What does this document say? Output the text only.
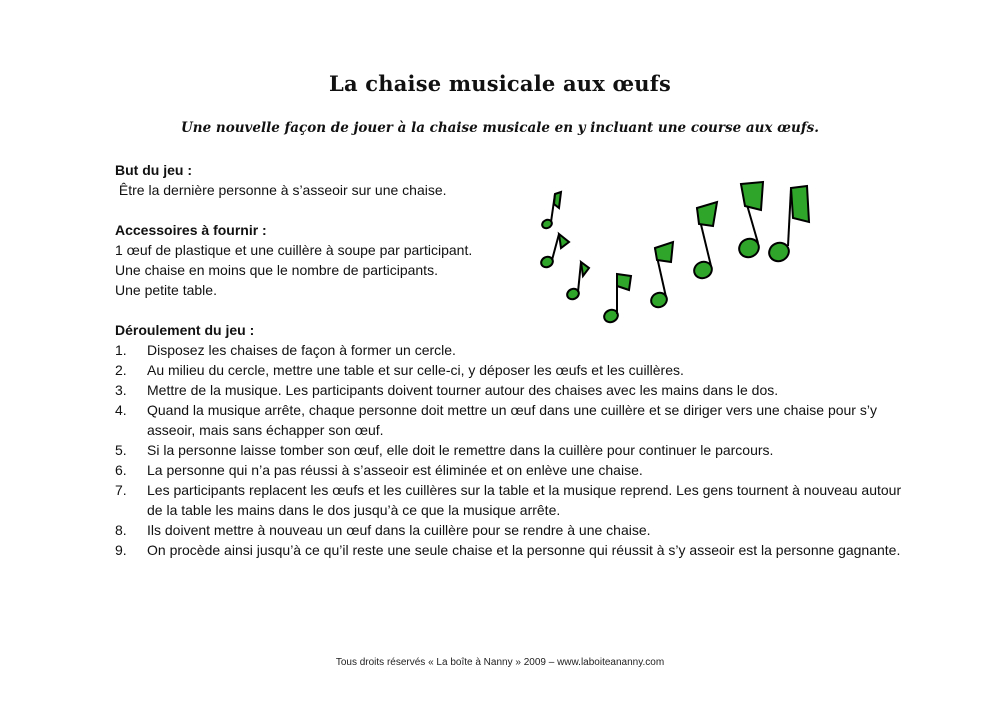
La chaise musicale aux œufs

Une nouvelle façon de jouer à la chaise musicale en y incluant une course aux œufs.

But du jeu :

Être la dernière personne à s’asseoir sur une chaise.

Accessoires à fournir :

1 œuf de plastique et une cuillère à soupe par participant.

Une chaise en moins que le nombre de participants.

Une petite table.

Déroulement du jeu :

1. Disposez les chaises de façon à former un cercle.
2. Au milieu du cercle, mettre une table et sur celle-ci, y déposer les œufs et les cuillères.
3. Mettre de la musique. Les participants doivent tourner autour des chaises avec les mains dans le dos.
4. Quand la musique arrête, chaque personne doit mettre un œuf dans une cuillère et se diriger vers une chaise pour s’y asseoir, mais sans échapper son œuf.
5. Si la personne laisse tomber son œuf, elle doit le remettre dans la cuillère pour continuer le parcours.
6. La personne qui n’a pas réussi à s’asseoir est éliminée et on enlève une chaise.
7. Les participants replacent les œufs et les cuillères sur la table et la musique reprend. Les gens tournent à nouveau autour de la table les mains dans le dos jusqu’à ce que la musique arrête.
8. Ils doivent mettre à nouveau un œuf dans la cuillère pour se rendre à une chaise.
9. On procède ainsi jusqu’à ce qu’il reste une seule chaise et la personne qui réussit à s’y asseoir est la personne gagnante.
Tous droits réservés « La boîte à Nanny » 2009 – www.laboiteananny.com
